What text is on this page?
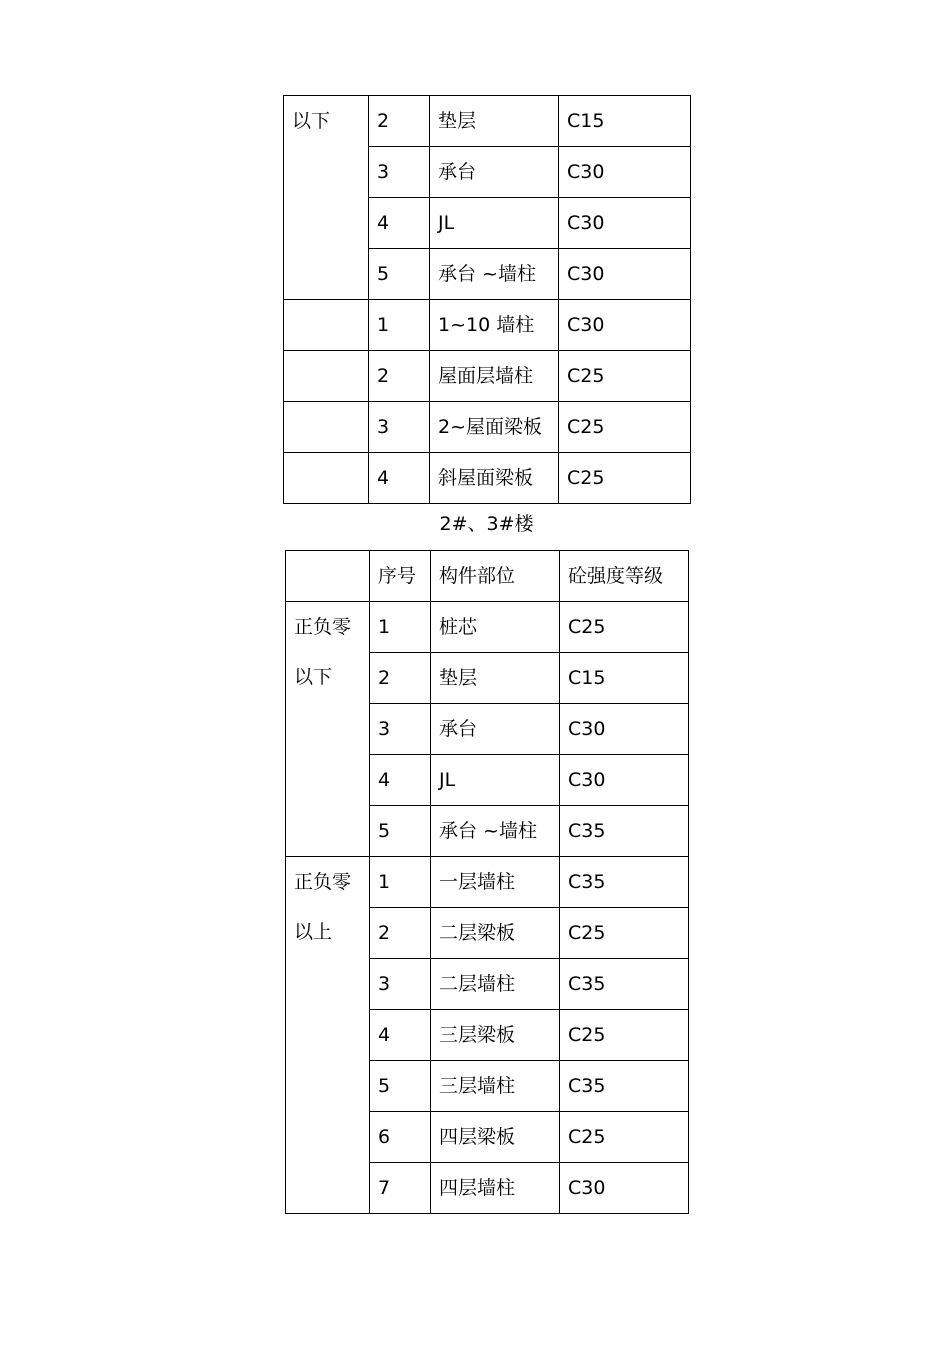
以下	2	垫层	C15
	3	承台	C30
	4	JL	C30
	5	承台 ~墙柱	C30
	1	1~10 墙柱	C30
	2	屋面层墙柱	C25
	3	2~屋面梁板	C25
	4	斜屋面梁板	C25
2#、3#楼
	序号	构件部位	砼强度等级

正负零
以下	1	桩芯	C25
	2	垫层	C15
	3	承台	C30
	4	JL	C30
	5	承台 ~墙柱	C35

正负零
以上	1	一层墙柱	C35
	2	二层梁板	C25
	3	二层墙柱	C35
	4	三层梁板	C25
	5	三层墙柱	C35
	6	四层梁板	C25
	7	四层墙柱	C30
